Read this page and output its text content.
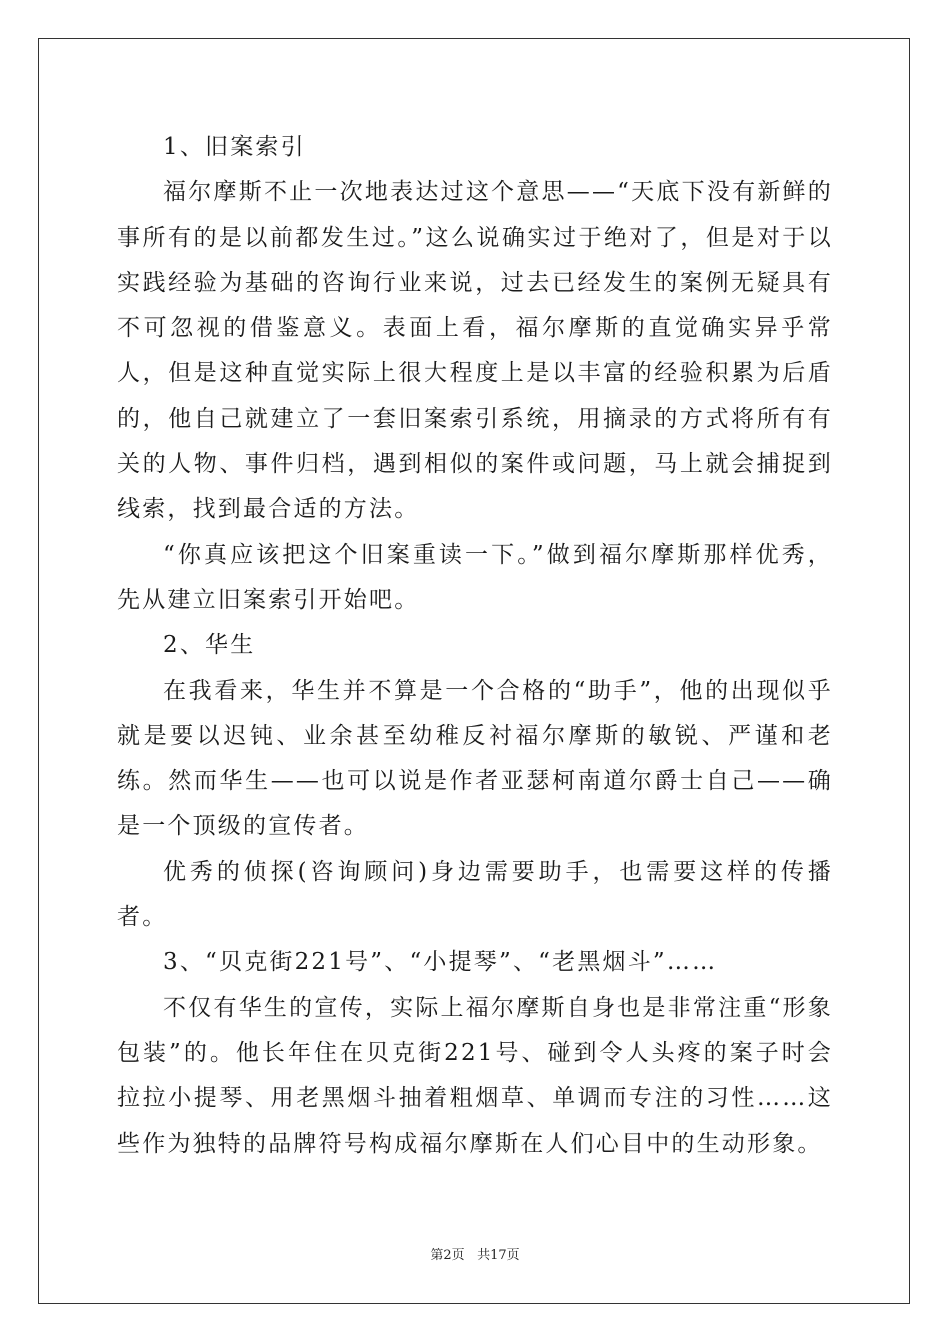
1、旧案索引

福尔摩斯不止一次地表达过这个意思——“天底下没有新鲜的事所有的是以前都发生过。”这么说确实过于绝对了，但是对于以实践经验为基础的咨询行业来说，过去已经发生的案例无疑具有不可忽视的借鉴意义。表面上看，福尔摩斯的直觉确实异乎常人，但是这种直觉实际上很大程度上是以丰富的经验积累为后盾的，他自己就建立了一套旧案索引系统，用摘录的方式将所有有关的人物、事件归档，遇到相似的案件或问题，马上就会捕捉到线索，找到最合适的方法。

“你真应该把这个旧案重读一下。”做到福尔摩斯那样优秀，先从建立旧案索引开始吧。

2、华生

在我看来，华生并不算是一个合格的“助手”，他的出现似乎就是要以迟钝、业余甚至幼稚反衬福尔摩斯的敏锐、严谨和老练。然而华生——也可以说是作者亚瑟柯南道尔爵士自己——确是一个顶级的宣传者。

优秀的侦探(咨询顾问)身边需要助手，也需要这样的传播者。

3、“贝克街221号”、“小提琴”、“老黑烟斗”……

不仅有华生的宣传，实际上福尔摩斯自身也是非常注重“形象包装”的。他长年住在贝克街221号、碰到令人头疼的案子时会拉拉小提琴、用老黑烟斗抽着粗烟草、单调而专注的习性……这些作为独特的品牌符号构成福尔摩斯在人们心目中的生动形象。

第2页 共17页
